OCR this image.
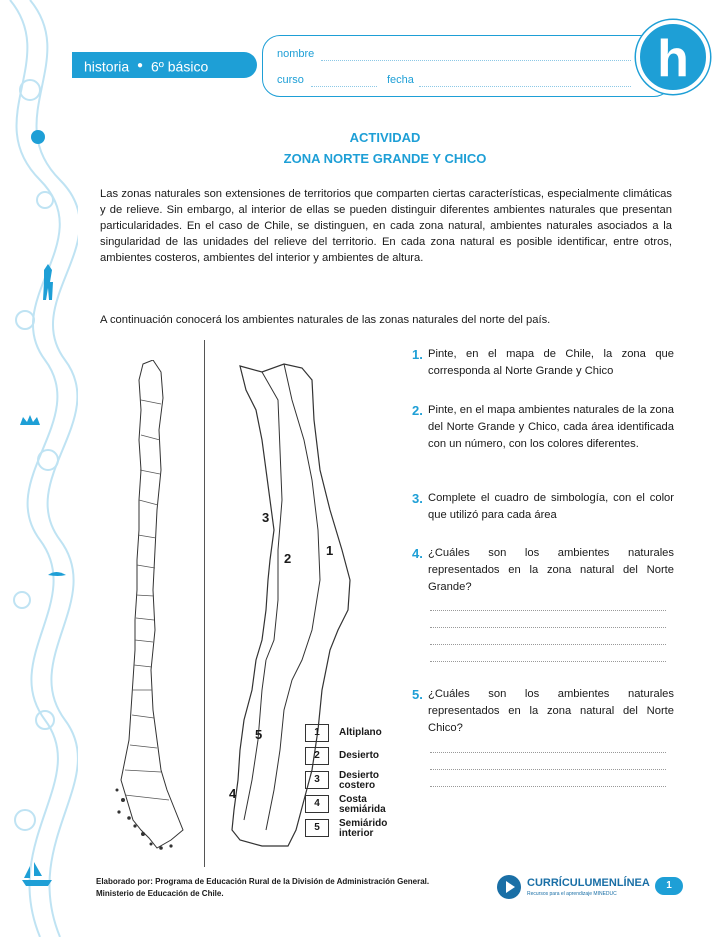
historia ● 6º básico
nombre
curso	fecha	h
ACTIVIDAD
ZONA NORTE GRANDE Y CHICO
Las zonas naturales son extensiones de territorios que comparten ciertas características, especialmente climáticas y de relieve. Sin embargo, al interior de ellas se pueden distinguir diferentes ambientes naturales que presentan particularidades. En el caso de Chile, se distinguen, en cada zona natural, ambientes naturales asociados a la singularidad de las unidades del relieve del territorio. En cada zona natural es posible identificar, entre otros, ambientes costeros, ambientes del interior y ambientes de altura.
A continuación conocerá los ambientes naturales de las zonas naturales del norte del país.
3
2
1
5
4
1	Altiplano
2	Desierto
3	Desierto costero
4	Costa semiárida
5	Semiárido interior
1. Pinte, en el mapa de Chile, la zona que corresponda al Norte Grande y Chico
2. Pinte, en el mapa ambientes naturales de la zona del Norte Grande y Chico, cada área identificada con un número, con los colores diferentes.
3. Complete el cuadro de simbología, con el color que utilizó para cada área
4. ¿Cuáles son los ambientes naturales representados en la zona natural del Norte Grande?
5. ¿Cuáles son los ambientes naturales representados en la zona natural del Norte Chico?
Elaborado por: Programa de Educación Rural de la División de Administración General.
Ministerio de Educación de Chile.
CURRÍCULUMENLÍNEA
Recursos para el aprendizaje MINEDUC
1
